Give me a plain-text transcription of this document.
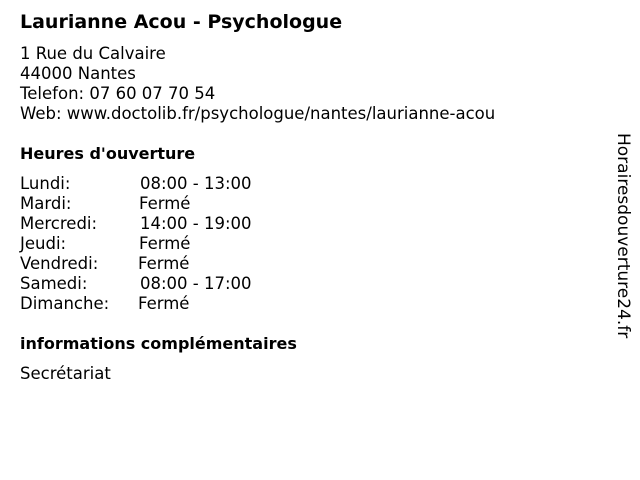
Laurianne Acou - Psychologue
1 Rue du Calvaire
44000 Nantes
Telefon: 07 60 07 70 54
Web: www.doctolib.fr/psychologue/nantes/laurianne-acou
Heures d'ouverture
Lundi:	08:00 - 13:00
Mardi:	Fermé
Mercredi:	14:00 - 19:00
Jeudi:	Fermé
Vendredi: Fermé
Samedi:	08:00 - 17:00
Dimanche: Fermé
informations complémentaires
Secrétariat
Horairesdouverture24.fr
